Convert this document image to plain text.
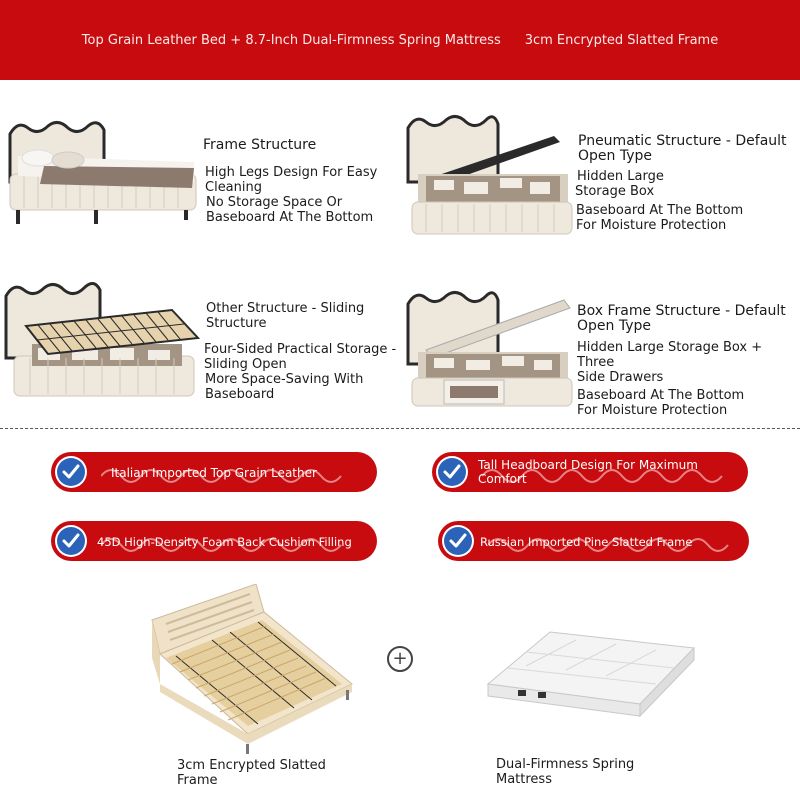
Top Grain Leather Bed + 8.7-Inch Dual-Firmness Spring Mattress 3cm Encrypted Slatted Frame
Frame Structure
High Legs Design For Easy
Cleaning
No Storage Space Or
Baseboard At The Bottom
Pneumatic Structure - Default
Open Type
Hidden Large
Storage Box
Baseboard At The Bottom
For Moisture Protection
Other Structure - Sliding
Structure
Four-Sided Practical Storage -
Sliding Open
More Space-Saving With
Baseboard
Box Frame Structure - Default
Open Type
Hidden Large Storage Box + Three
Side Drawers
Baseboard At The Bottom
For Moisture Protection
Italian Imported Top Grain Leather
Tall Headboard Design For Maximum
Comfort
45D High-Density Foam Back Cushion Filling	Russian Imported Pine Slatted Frame
+
3cm Encrypted Slatted
Frame
Dual-Firmness Spring
Mattress
